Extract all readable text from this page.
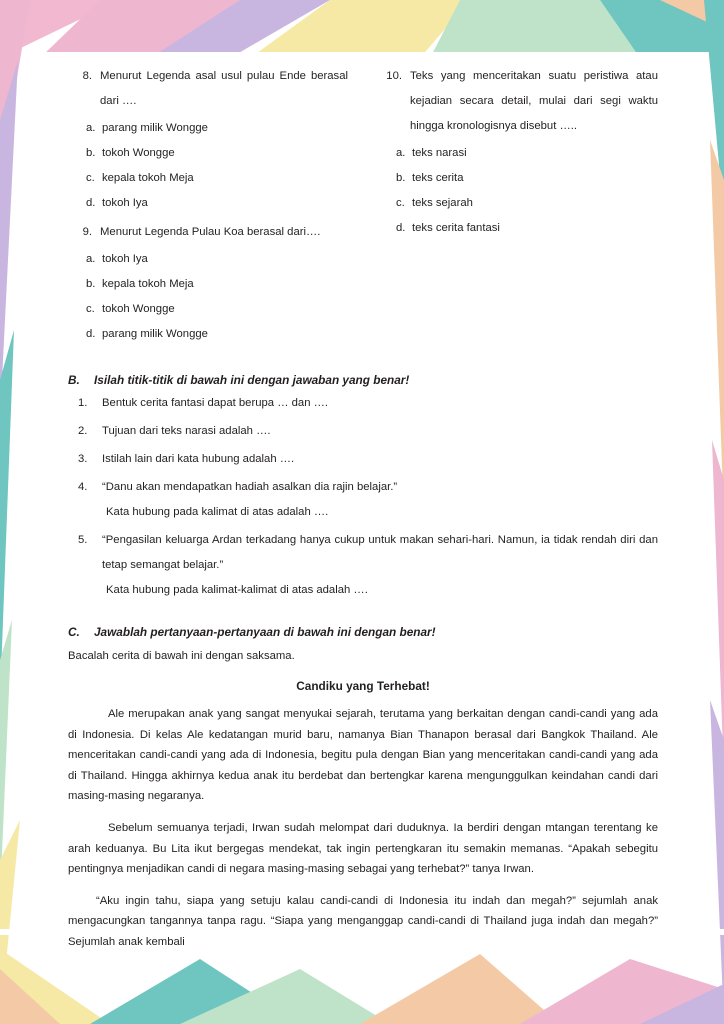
8. Menurut Legenda asal usul pulau Ende berasal dari ….
a. parang milik Wongge
b. tokoh Wongge
c. kepala tokoh Meja
d. tokoh Iya
9. Menurut Legenda Pulau Koa berasal dari….
a. tokoh Iya
b. kepala tokoh Meja
c. tokoh Wongge
d. parang milik Wongge
10. Teks yang menceritakan suatu peristiwa atau kejadian secara detail, mulai dari segi waktu hingga kronologisnya disebut …..
a. teks narasi
b. teks cerita
c. teks sejarah
d. teks cerita fantasi
B.	Isilah titik-titik di bawah ini dengan jawaban yang benar!
1.	Bentuk cerita fantasi dapat berupa … dan ….
2.	Tujuan dari teks narasi adalah ….
3.	Istilah lain dari kata hubung adalah ….
4.	“Danu akan mendapatkan hadiah asalkan dia rajin belajar.”
Kata hubung pada kalimat di atas adalah ….
5.	“Pengasilan keluarga Ardan terkadang hanya cukup untuk makan sehari-hari. Namun, ia tidak rendah diri dan tetap semangat belajar.”
Kata hubung pada kalimat-kalimat di atas adalah ….
C.	Jawablah pertanyaan-pertanyaan di bawah ini dengan benar!
Bacalah cerita di bawah ini dengan saksama.
Candiku yang Terhebat!

Ale merupakan anak yang sangat menyukai sejarah, terutama yang berkaitan dengan candi-candi yang ada di Indonesia. Di kelas Ale kedatangan murid baru, namanya Bian Thanapon berasal dari Bangkok Thailand. Ale menceritakan candi-candi yang ada di Indonesia, begitu pula dengan Bian yang menceritakan candi-candi yang ada di Thailand. Hingga akhirnya kedua anak itu berdebat dan bertengkar karena mengunggulkan keindahan candi dari masing-masing negaranya.

Sebelum semuanya terjadi, Irwan sudah melompat dari duduknya. Ia berdiri dengan mtangan terentang ke arah keduanya. Bu Lita ikut bergegas mendekat, tak ingin pertengkaran itu semakin memanas. “Apakah sebegitu pentingnya menjadikan candi di negara masing-masing sebagai yang terhebat?” tanya Irwan.

“Aku ingin tahu, siapa yang setuju kalau candi-candi di Indonesia itu indah dan megah?” sejumlah anak mengacungkan tangannya tanpa ragu. “Siapa yang menganggap candi-candi di Thailand juga indah dan megah?” Sejumlah anak kembali
